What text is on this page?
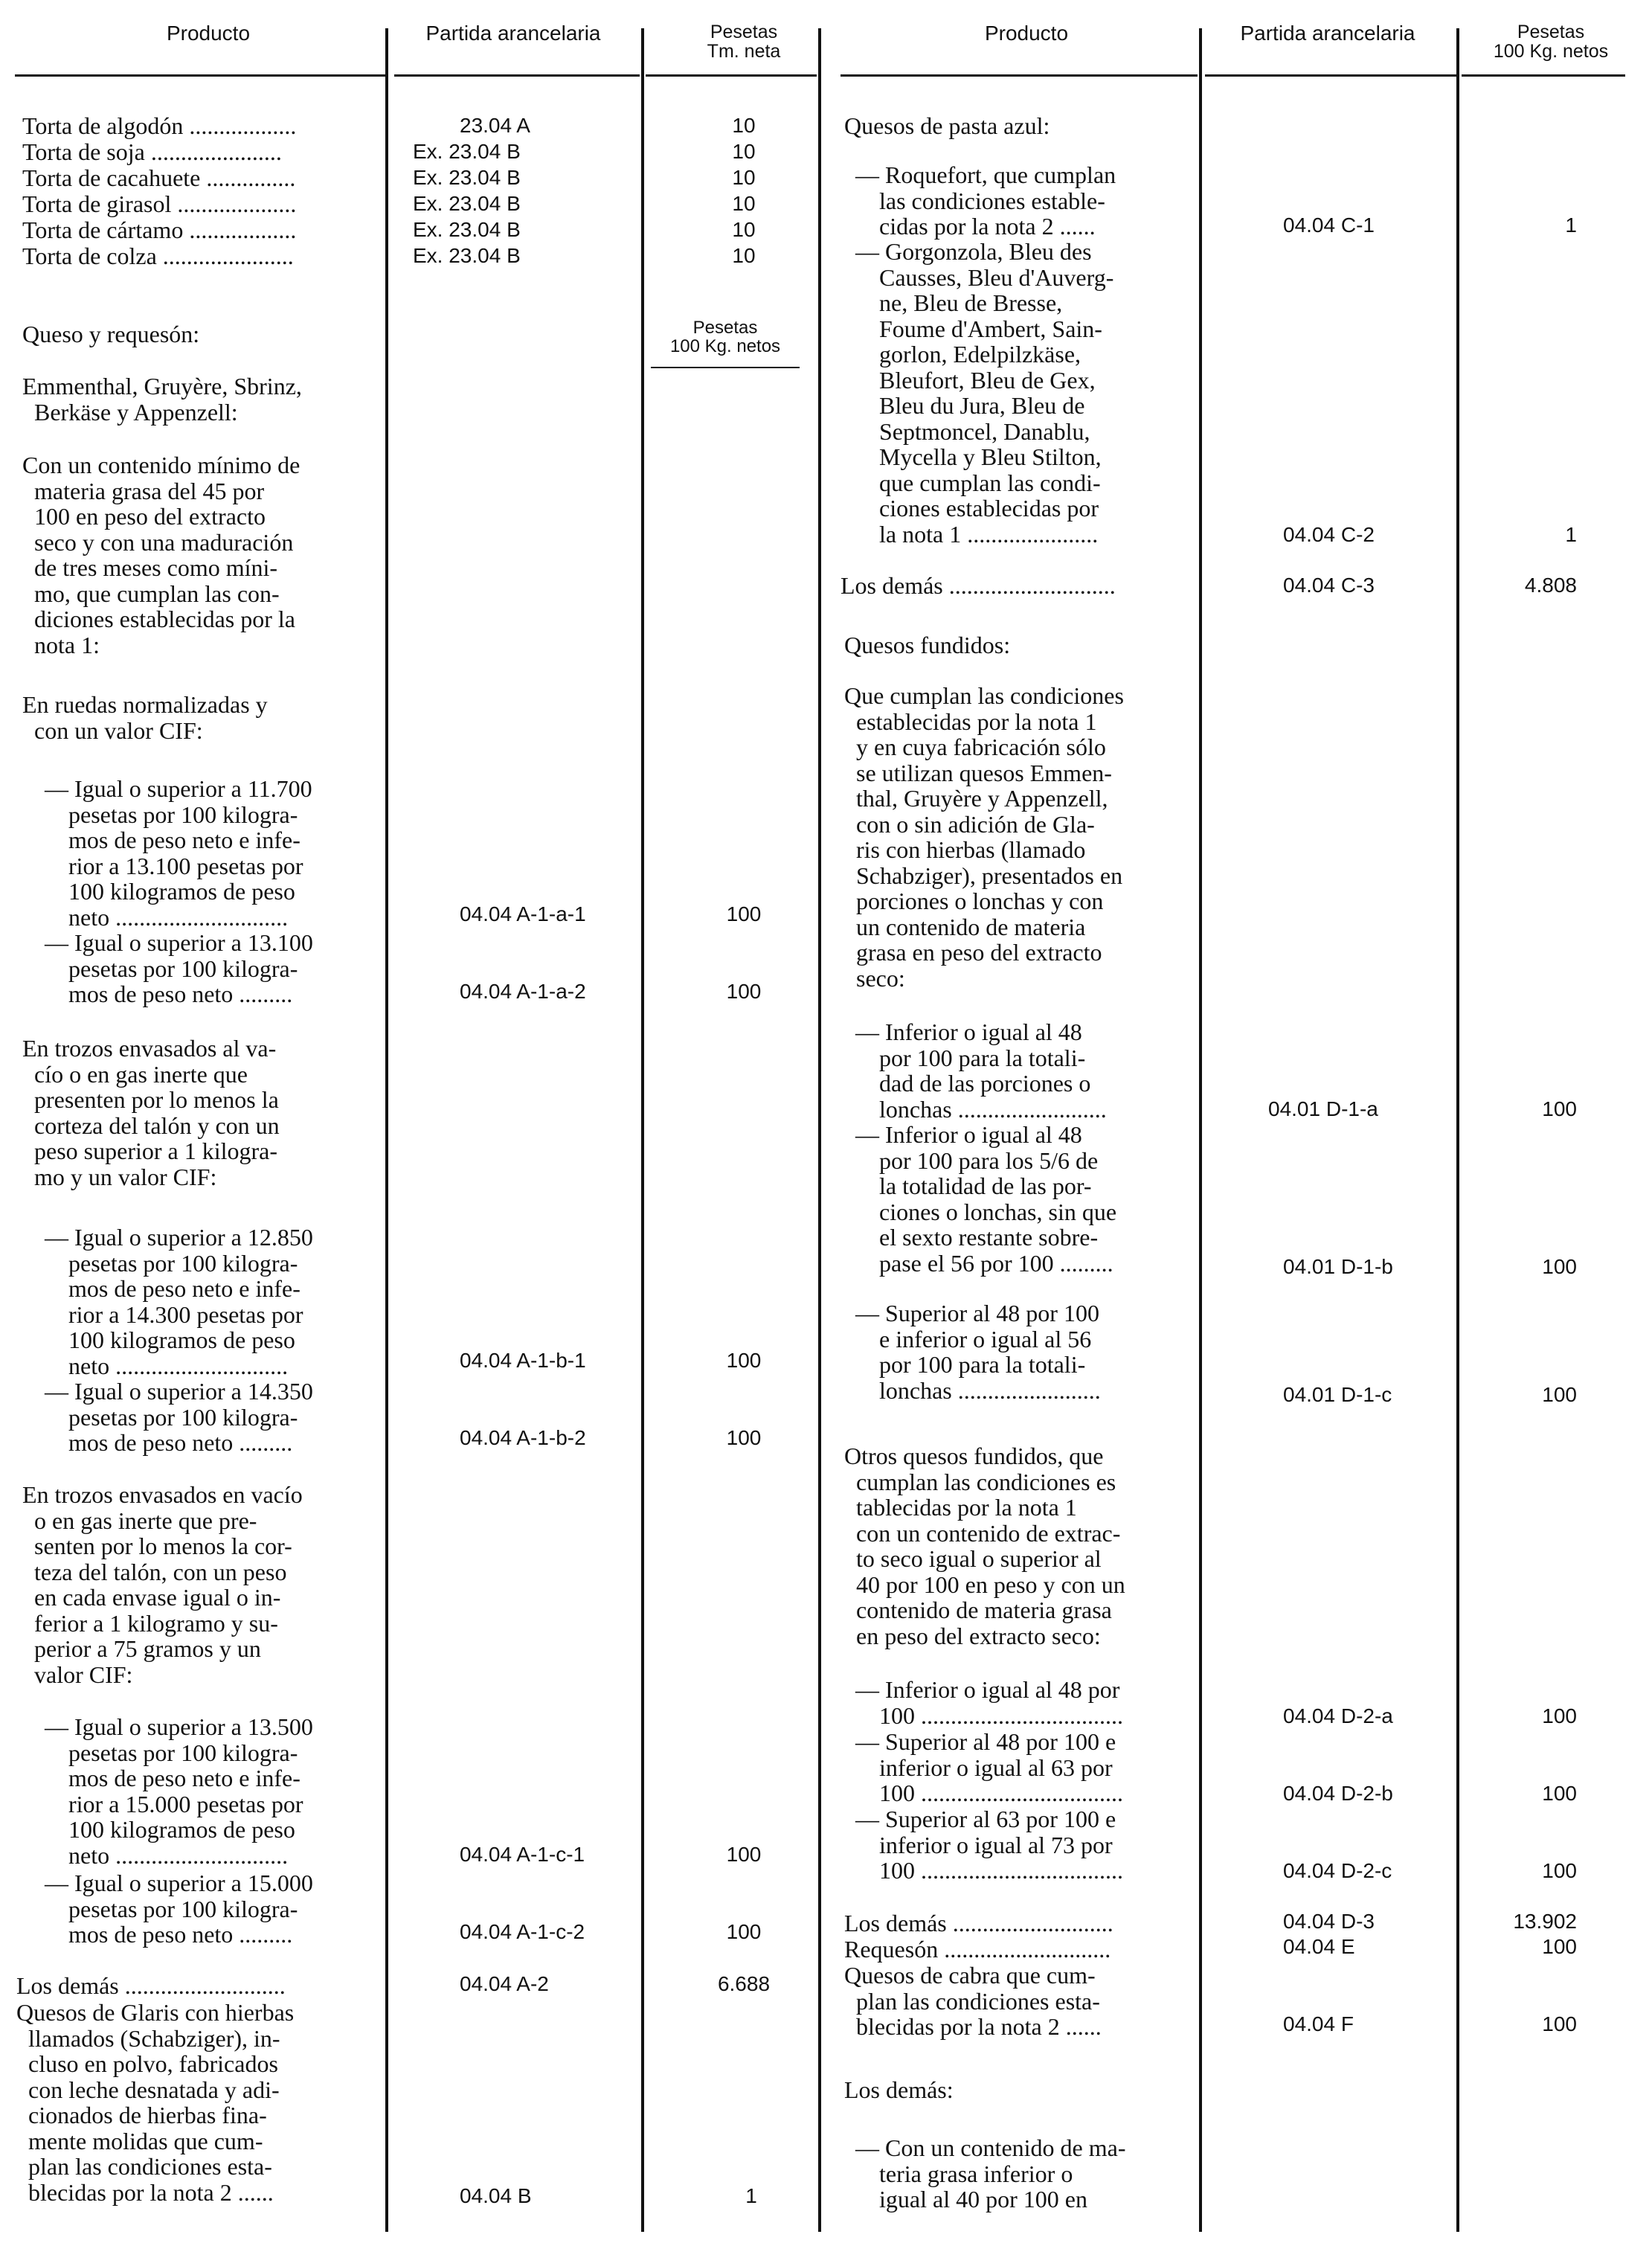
Producto	Partida arancelaria	Pesetas
Tm. neta
Producto	Partida arancelaria	Pesetas
100 Kg. netos
Torta de algodón ..................	23.04 A	10
Torta de soja ......................	Ex. 23.04 B	10
Torta de cacahuete ...............	Ex. 23.04 B	10
Torta de girasol ....................	Ex. 23.04 B	10
Torta de cártamo ..................	Ex. 23.04 B	10
Torta de colza ......................	Ex. 23.04 B	10
Pesetas
100 Kg. netos
Queso y requesón:
Emmenthal, Gruyère, Sbrinz,
Berkäse y Appenzell:
Con un contenido mínimo de
materia grasa del 45 por
100 en peso del extracto
seco y con una maduración
de tres meses como míni-
mo, que cumplan las con-
diciones establecidas por la
nota 1:
En ruedas normalizadas y
con un valor CIF:
— Igual o superior a 11.700
pesetas por 100 kilogra-
mos de peso neto e infe-
rior a 13.100 pesetas por
100 kilogramos de peso
neto .............................	04.04 A-1-a-1	100
— Igual o superior a 13.100
pesetas por 100 kilogra-
mos de peso neto .........	04.04 A-1-a-2	100
En trozos envasados al va-
cío o en gas inerte que
presenten por lo menos la
corteza del talón y con un
peso superior a 1 kilogra-
mo y un valor CIF:
— Igual o superior a 12.850
pesetas por 100 kilogra-
mos de peso neto e infe-
rior a 14.300 pesetas por
100 kilogramos de peso
neto .............................	04.04 A-1-b-1	100
— Igual o superior a 14.350
pesetas por 100 kilogra-
mos de peso neto .........	04.04 A-1-b-2	100
En trozos envasados en vacío
o en gas inerte que pre-
senten por lo menos la cor-
teza del talón, con un peso
en cada envase igual o in-
ferior a 1 kilogramo y su-
perior a 75 gramos y un
valor CIF:
— Igual o superior a 13.500
pesetas por 100 kilogra-
mos de peso neto e infe-
rior a 15.000 pesetas por
100 kilogramos de peso
neto .............................	04.04 A-1-c-1	100
— Igual o superior a 15.000
pesetas por 100 kilogra-
mos de peso neto .........	04.04 A-1-c-2	100
Los demás ...........................	04.04 A-2	6.688
Quesos de Glaris con hierbas
llamados (Schabziger), in-
cluso en polvo, fabricados
con leche desnatada y adi-
cionados de hierbas fina-
mente molidas que cum-
plan las condiciones esta-
blecidas por la nota 2 ......	04.04 B	1
Quesos de pasta azul:
— Roquefort, que cumplan
las condiciones estable-
cidas por la nota 2 ......	04.04 C-1	1
— Gorgonzola, Bleu des
Causses, Bleu d'Auverg-
ne, Bleu de Bresse,
Foume d'Ambert, Sain-
gorlon, Edelpilzkäse,
Bleufort, Bleu de Gex,
Bleu du Jura, Bleu de
Septmoncel, Danablu,
Mycella y Bleu Stilton,
que cumplan las condi-
ciones establecidas por
la nota 1 ......................	04.04 C-2	1
Los demás ............................	04.04 C-3	4.808
Quesos fundidos:
Que cumplan las condiciones
establecidas por la nota 1
y en cuya fabricación sólo
se utilizan quesos Emmen-
thal, Gruyère y Appenzell,
con o sin adición de Gla-
ris con hierbas (llamado
Schabziger), presentados en
porciones o lonchas y con
un contenido de materia
grasa en peso del extracto
seco:
— Inferior o igual al 48
por 100 para la totali-
dad de las porciones o
lonchas .........................	04.01 D-1-a	100
— Inferior o igual al 48
por 100 para los 5/6 de
la totalidad de las por-
ciones o lonchas, sin que
el sexto restante sobre-
pase el 56 por 100 .........	04.01 D-1-b	100
— Superior al 48 por 100
e inferior o igual al 56
por 100 para la totali-
lonchas ........................	04.01 D-1-c	100
Otros quesos fundidos, que
cumplan las condiciones es
tablecidas por la nota 1
con un contenido de extrac-
to seco igual o superior al
40 por 100 en peso y con un
contenido de materia grasa
en peso del extracto seco:
— Inferior o igual al 48 por
100 ..................................	04.04 D-2-a	100
— Superior al 48 por 100 e
inferior o igual al 63 por
100 ..................................	04.04 D-2-b	100
— Superior al 63 por 100 e
inferior o igual al 73 por
100 ..................................	04.04 D-2-c	100
Los demás ...........................	04.04 D-3	13.902
Requesón ............................	04.04 E	100
Quesos de cabra que cum-
plan las condiciones esta-
blecidas por la nota 2 ......	04.04 F	100
Los demás:
— Con un contenido de ma-
teria grasa inferior o
igual al 40 por 100 en
